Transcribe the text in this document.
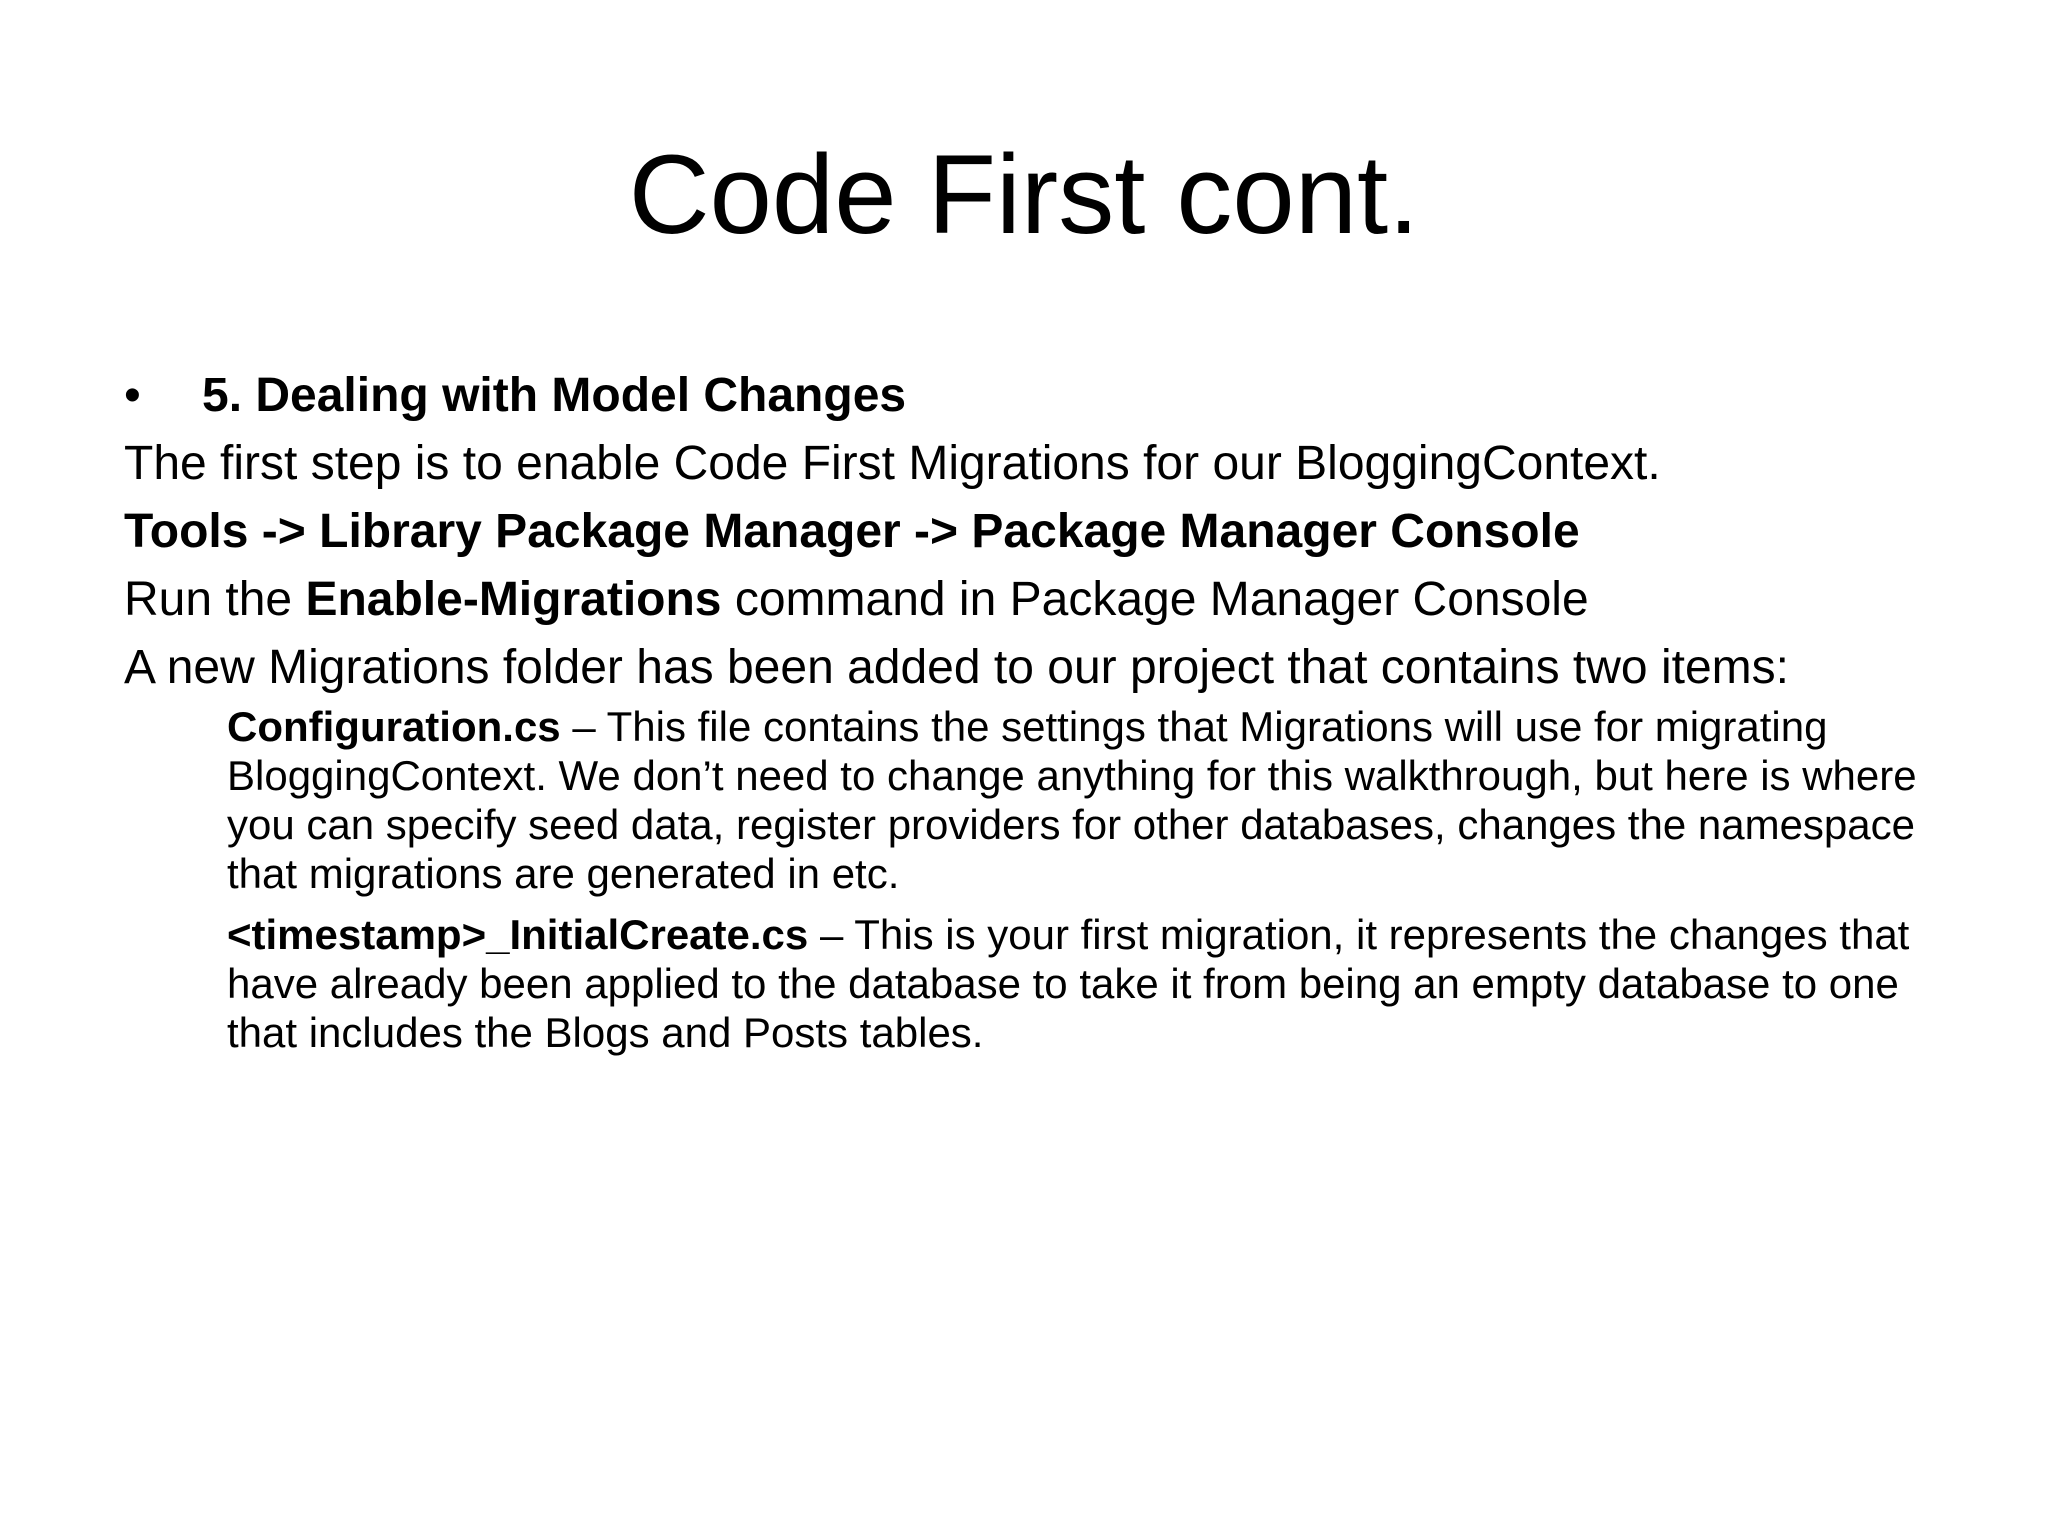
Code First cont.
• 5. Dealing with Model Changes
The first step is to enable Code First Migrations for our BloggingContext.
Tools -> Library Package Manager -> Package Manager Console
Run the Enable-Migrations command in Package Manager Console
A new Migrations folder has been added to our project that contains two items:
Configuration.cs – This file contains the settings that Migrations will use for migrating BloggingContext. We don’t need to change anything for this walkthrough, but here is where you can specify seed data, register providers for other databases, changes the namespace that migrations are generated in etc.
<timestamp>_InitialCreate.cs – This is your first migration, it represents the changes that have already been applied to the database to take it from being an empty database to one that includes the Blogs and Posts tables.
